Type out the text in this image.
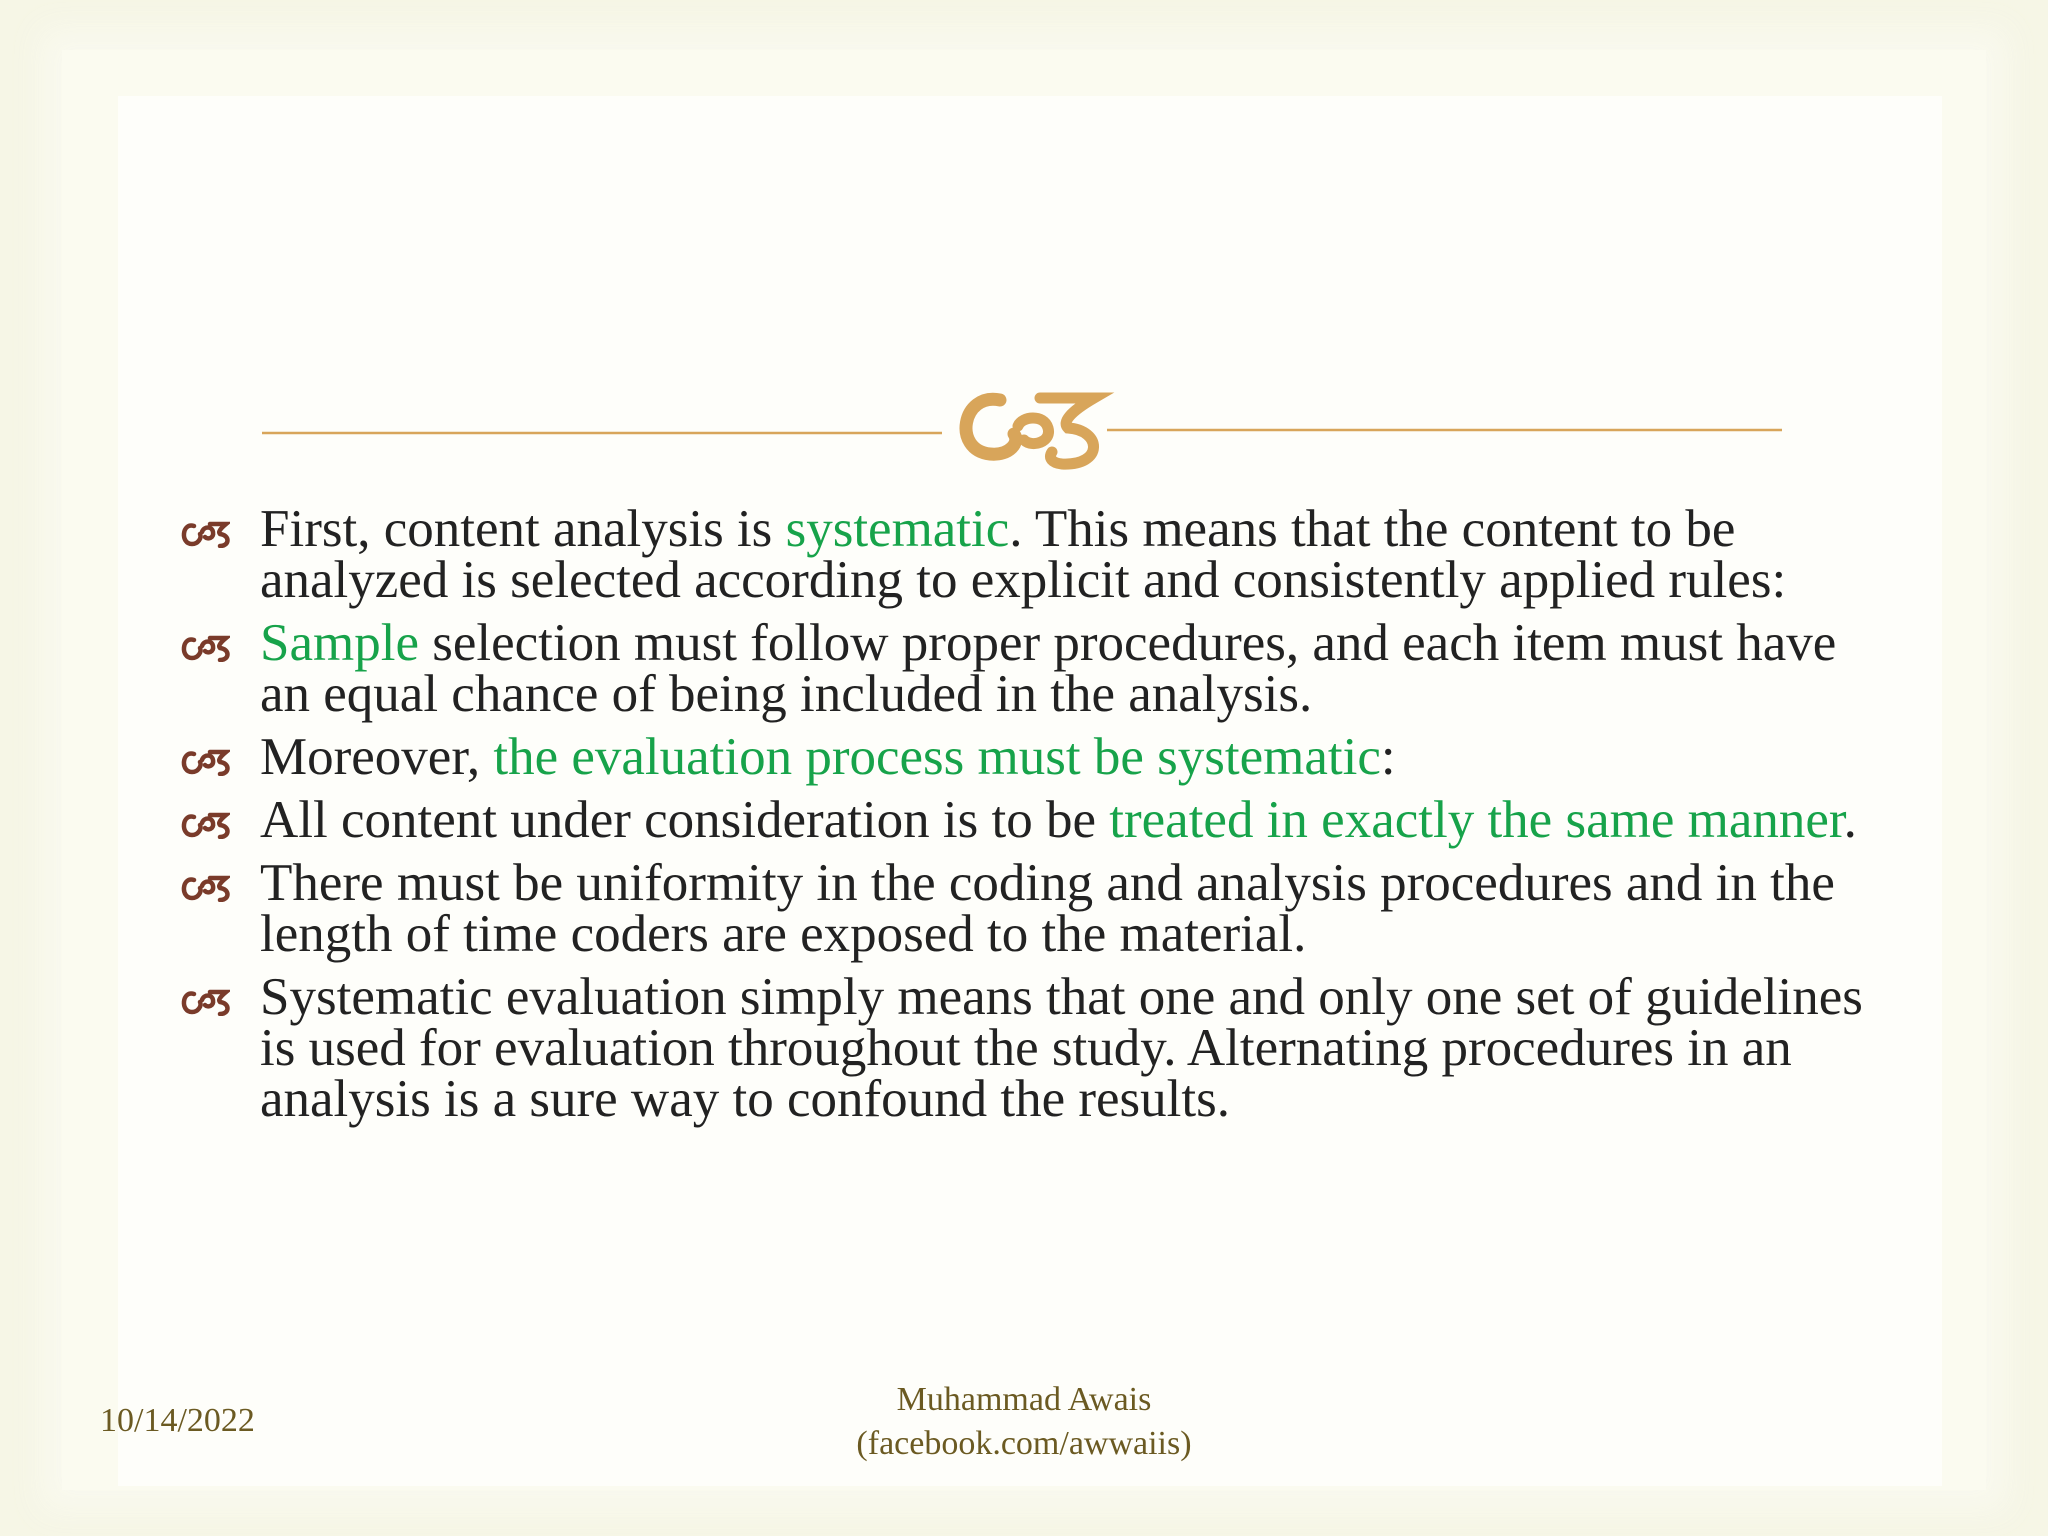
First, content analysis is systematic. This means that the content to be analyzed is selected according to explicit and consistently applied rules:
Sample selection must follow proper procedures, and each item must have an equal chance of being included in the analysis.
Moreover, the evaluation process must be systematic:
All content under consideration is to be treated in exactly the same manner.
There must be uniformity in the coding and analysis procedures and in the length of time coders are exposed to the material.
Systematic evaluation simply means that one and only one set of guidelines is used for evaluation throughout the study. Alternating procedures in an analysis is a sure way to confound the results.
10/14/2022
Muhammad Awais
(facebook.com/awwaiis)
